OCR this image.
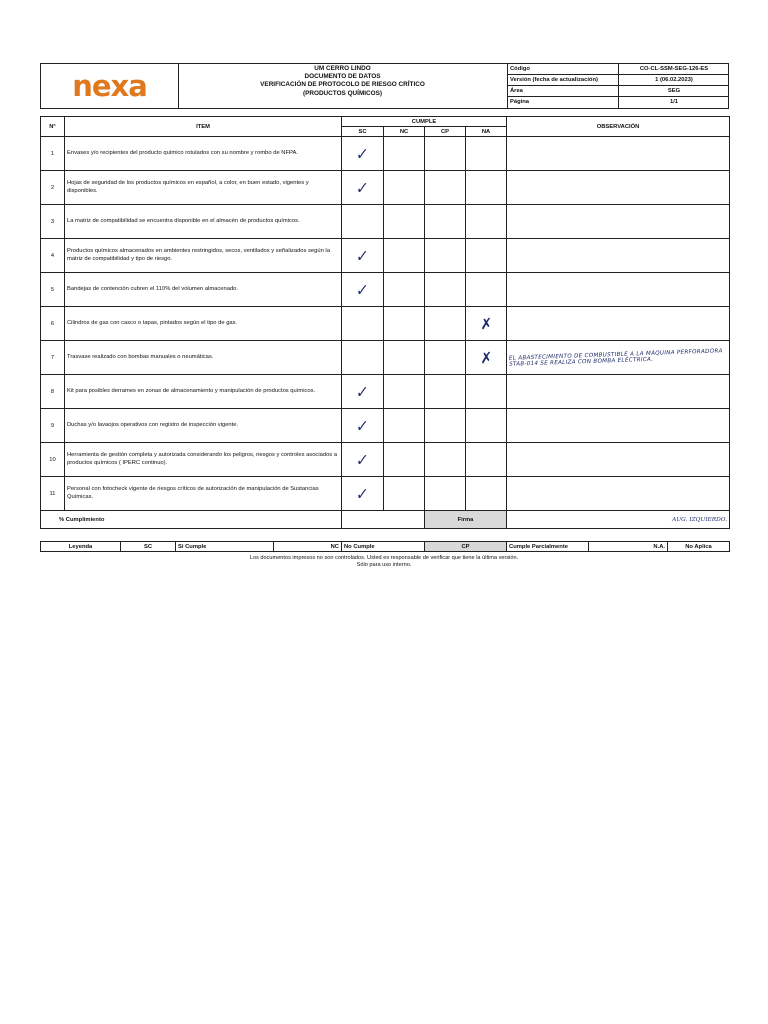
nexa
UM CERRO LINDO
DOCUMENTO DE DATOS
VERIFICACIÓN DE PROTOCOLO DE RIESGO CRÍTICO
(PRODUCTOS QUÍMICOS)
Código	CO-CL-SSM-SEG-126-ES
Versión (fecha de actualización)	1 (06.02.2023)
Área	SEG
Página	1/1
N°	ITEM	CUMPLE				OBSERVACIÓN
		SC	NC	CP	NA	
1	Envases y/o recipientes del producto químico rotulados con su nombre y rombo de NFPA.	✓				
2	Hojas de seguridad de los productos químicos en español, a color, en buen estado, vigentes y disponibles.	✓				
3	La matriz de compatibilidad se encuentra disponible en el almacén de productos químicos.					
4	Productos químicos almacenados en ambientes restringidos, secos, ventilados y señalizados según la matriz de compatibilidad y tipo de riesgo.	✓				
5	Bandejas de contención cubren el 110% del volumen almacenado.	✓				
6	Cilindros de gas con casco o tapas, pintados según el tipo de gas.				✗	
7	Trasvase realizado con bombas manuales o neumáticas.				✗	EL ABASTECIMIENTO DE COMBUSTIBLE A LA MÁQUINA PERFORADORA STAB-014 SE REALIZA CON BOMBA ELÉCTRICA.

8	Kit para posibles derrames en zonas de almacenamiento y manipulación de productos químicos.	✓				
9	Duchas y/o lavaojos operativos con registro de inspección vigente.	✓				
10	Herramienta de gestión completa y autorizada considerando los peligros, riesgos y controles asociados a productos químicos ( IPERC continuo).	✓				
11	Personal con fotocheck vigente de riesgos críticos de autorización de manipulación de Sustancias Químicas.	✓				
% Cumplimiento				Firma		AUG. IZQUIERDO.
Leyenda	SC	Si Cumple	NC	No Cumple	CP	Cumple Parcialmente	N.A.	No Aplica
Los documentos impresos no son controlados. Usted es responsable de verificar que tiene la última versión.
Sólo para uso interno.
